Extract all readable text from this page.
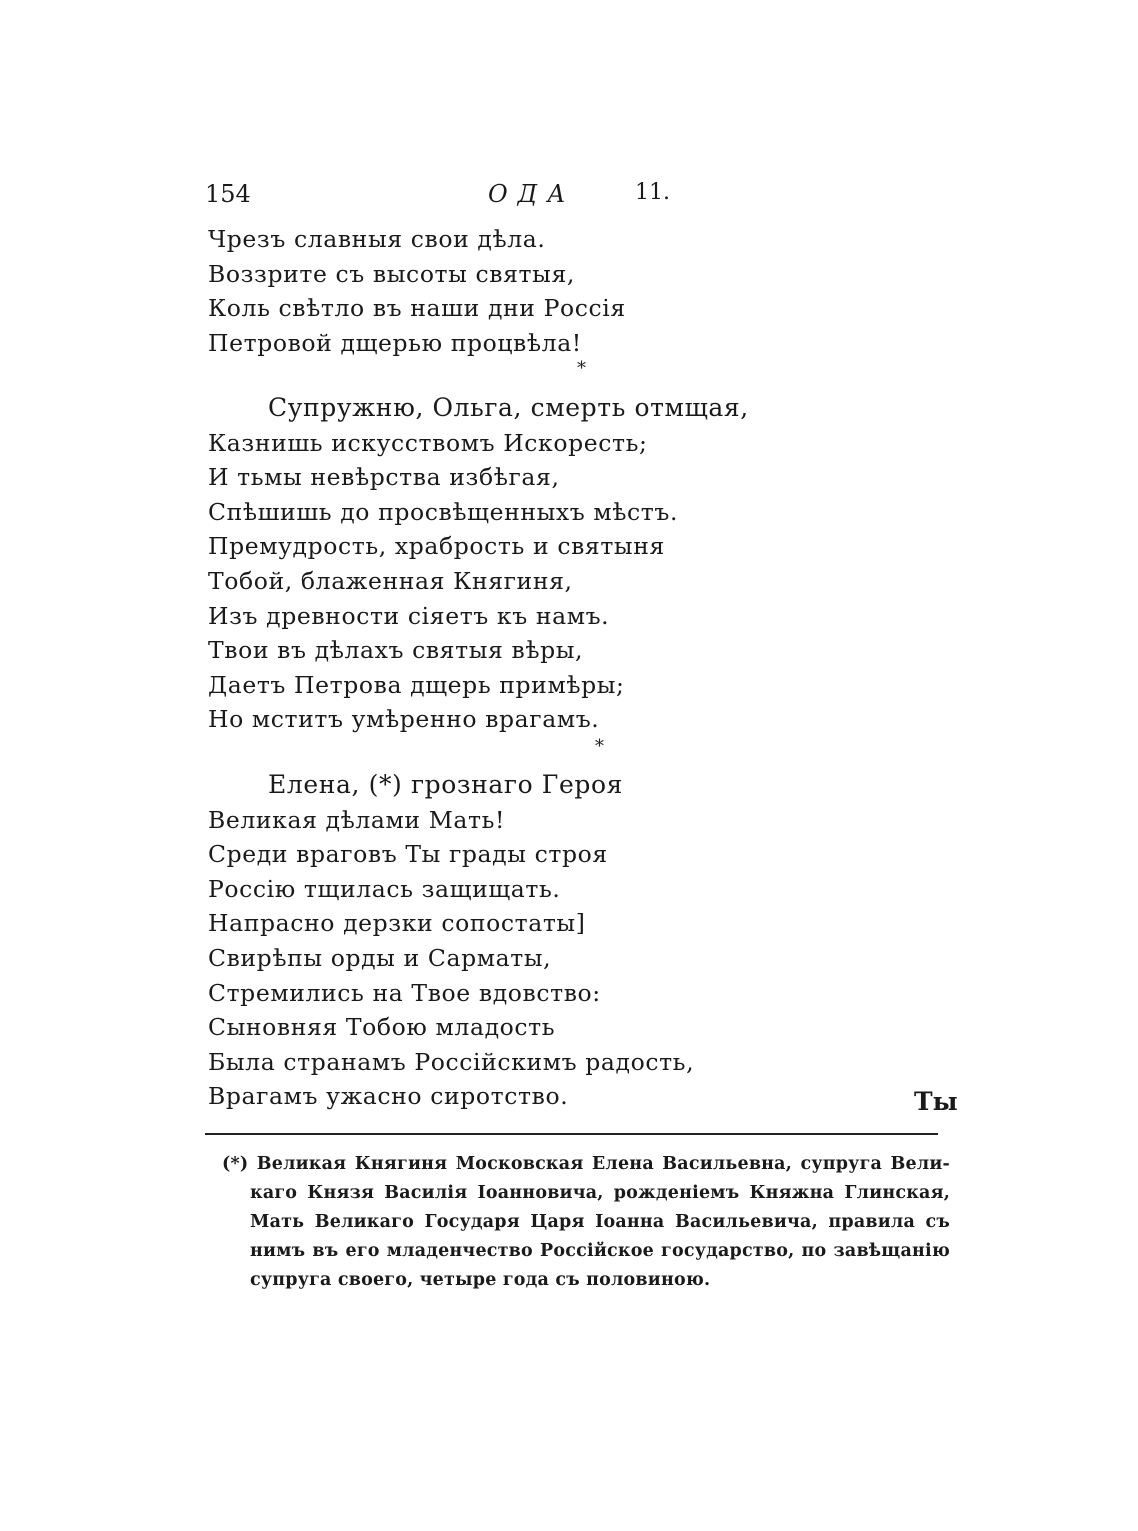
154	ОДА	11.
Чрезъ славныя свои дѣла.
Воззрите съ высоты святыя,
Коль свѣтло въ наши дни Россія
Петровой дщерью процвѣла!
*
Супружню, Ольга, смерть отмщая,
Казнишь искусствомъ Искоресть;
И тьмы невѣрства избѣгая,
Спѣшишь до просвѣщенныхъ мѣстъ.
Премудрость, храбрость и святыня
Тобой, блаженная Княгиня,
Изъ древности сіяетъ къ намъ.
Твои въ дѣлахъ святыя вѣры,
Даетъ Петрова дщерь примѣры;
Но мститъ умѣренно врагамъ.
*
Елена, (*) грознаго Героя
Великая дѣлами Мать!
Среди враговъ Ты грады строя
Россію тщилась защищать.
Напрасно дерзки сопостаты]
Свирѣпы орды и Сарматы,
Стремились на Твое вдовство:
Сыновняя Тобою младость
Была странамъ Россійскимъ радость,
Врагамъ ужасно сиротство.	Ты
(*) Великая Княгиня Московская Елена Васильевна, супруга Вели-
каго Князя Василія Іоанновича, рожденіемъ Княжна Глинская,
Мать Великаго Государя Царя Іоанна Васильевича, правила съ
нимъ въ его младенчество Россійское государство, по завѣщанію
супруга своего, четыре года съ половиною.
